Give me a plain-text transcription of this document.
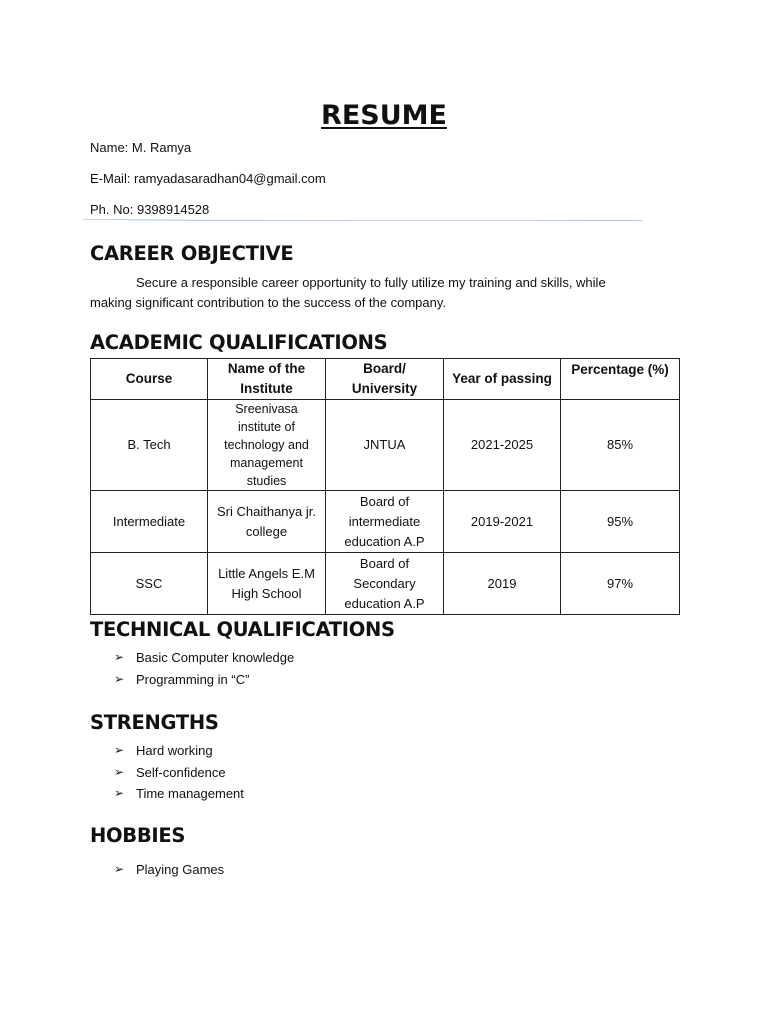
RESUME
Name: M. Ramya
E-Mail: ramyadasaradhan04@gmail.com
Ph. No: 9398914528
CAREER OBJECTIVE
Secure a responsible career opportunity to fully utilize my training and skills, while making significant contribution to the success of the company.
ACADEMIC QUALIFICATIONS
Course	Name of the Institute	Board/ University	Year of passing	Percentage (%)
B. Tech	Sreenivasa institute of technology and management studies	JNTUA	2021-2025	85%
Intermediate	Sri Chaithanya jr. college	Board of intermediate education A.P	2019-2021	95%
SSC	Little Angels E.M High School	Board of Secondary education A.P	2019	97%
TECHNICAL QUALIFICATIONS
➢ Basic Computer knowledge
➢ Programming in “C”
STRENGTHS
➢ Hard working
➢ Self-confidence
➢ Time management
HOBBIES
➢ Playing Games
